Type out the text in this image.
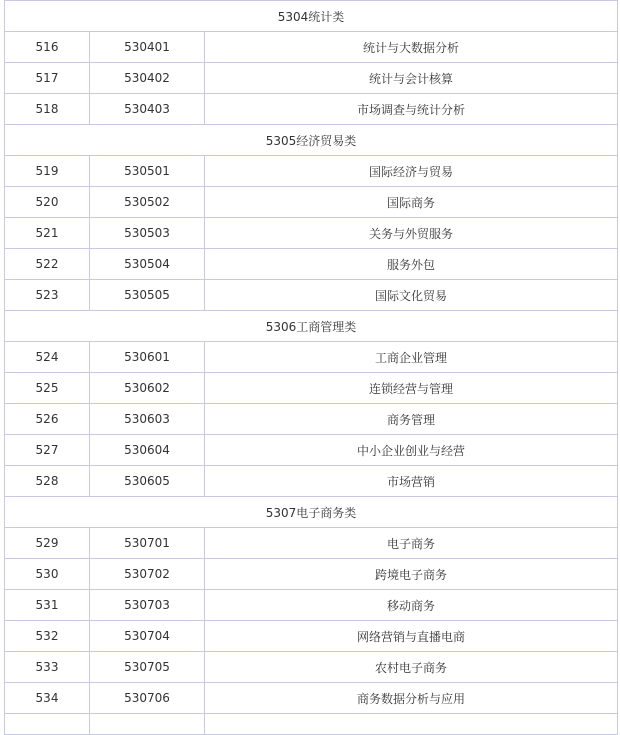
5304统计类		
516	530401	统计与大数据分析
517	530402	统计与会计核算
518	530403	市场调查与统计分析
5305经济贸易类		
519	530501	国际经济与贸易
520	530502	国际商务
521	530503	关务与外贸服务
522	530504	服务外包
523	530505	国际文化贸易
5306工商管理类		
524	530601	工商企业管理
525	530602	连锁经营与管理
526	530603	商务管理
527	530604	中小企业创业与经营
528	530605	市场营销
5307电子商务类		
529	530701	电子商务
530	530702	跨境电子商务
531	530703	移动商务
532	530704	网络营销与直播电商
533	530705	农村电子商务
534	530706	商务数据分析与应用
